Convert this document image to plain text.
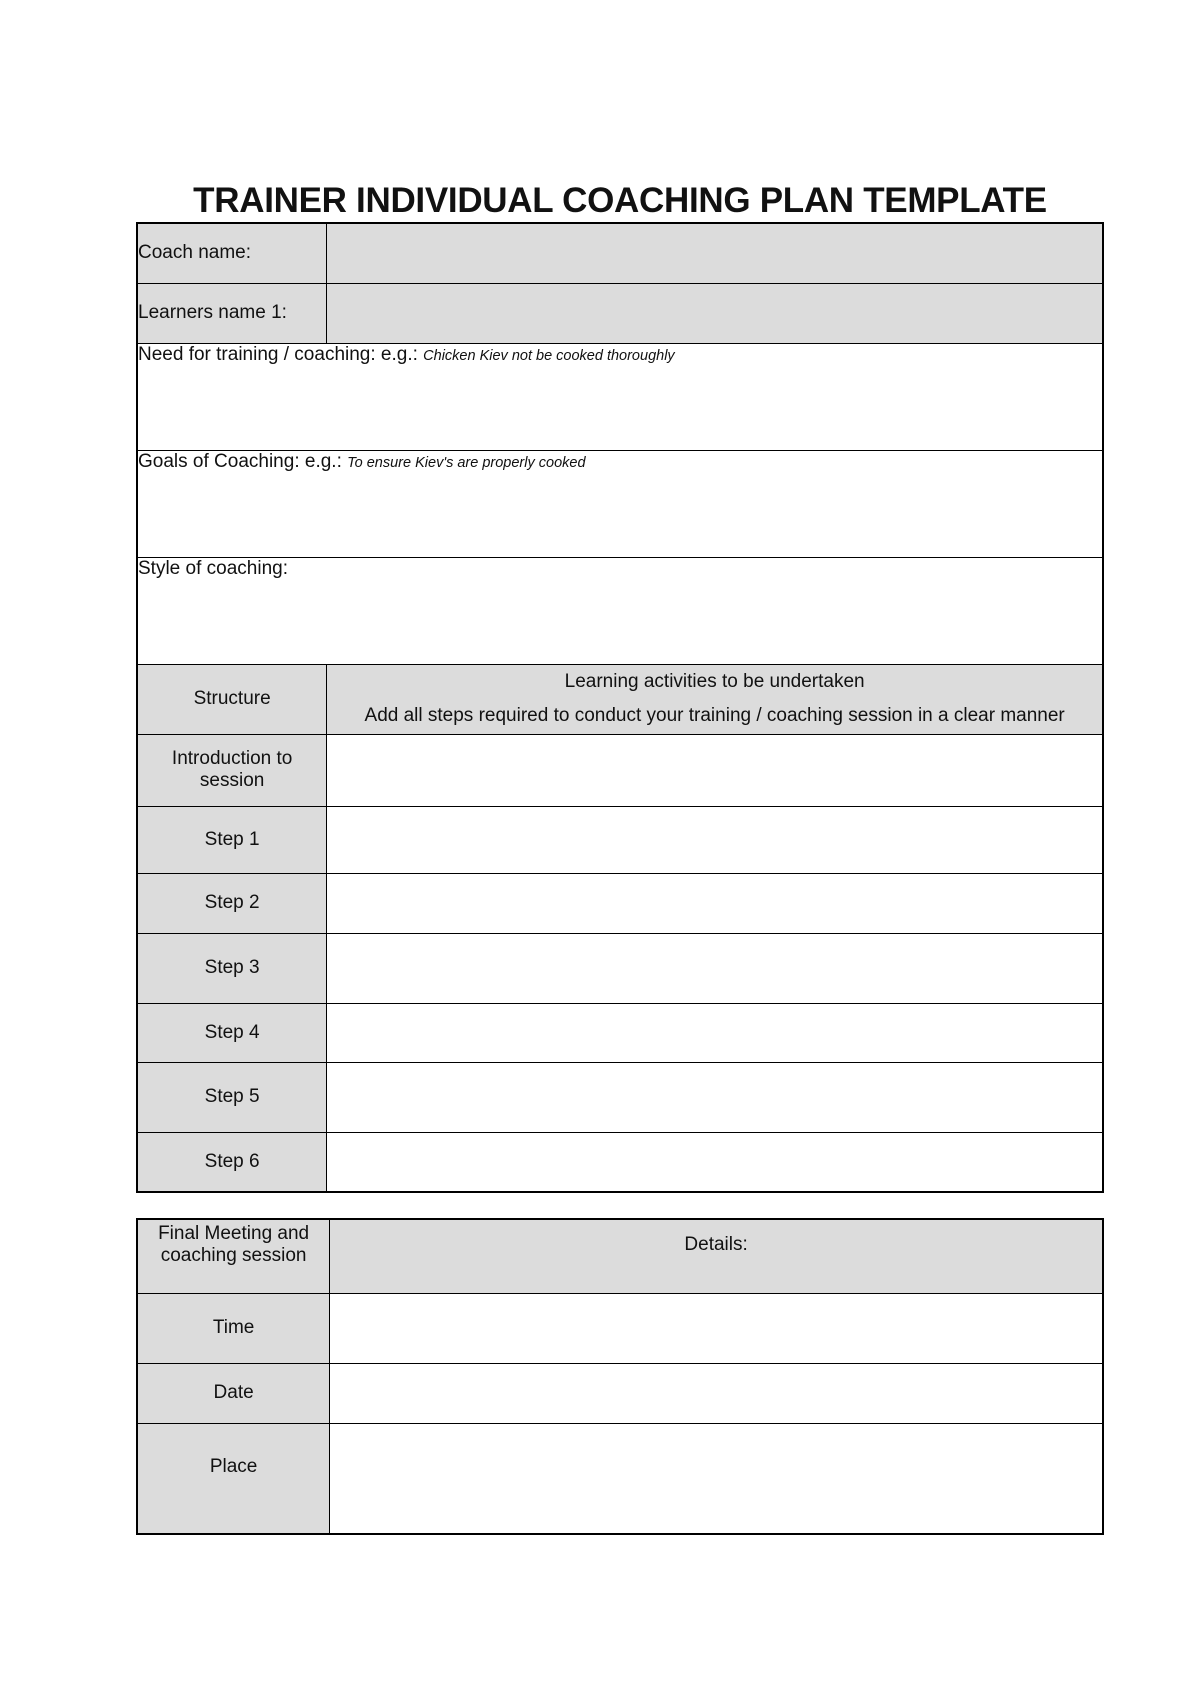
TRAINER INDIVIDUAL COACHING PLAN TEMPLATE
Coach name:	
Learners name 1:	
Need for training / coaching: e.g.: Chicken Kiev not be cooked thoroughly	
Goals of Coaching: e.g.: To ensure Kiev's are properly cooked	
Style of coaching:	
Structure	Learning activities to be undertaken
Add all steps required to conduct your training / coaching session in a clear manner

Introduction to session	
Step 1	
Step 2	
Step 3	
Step 4	
Step 5	
Step 6	
Final Meeting and coaching session	Details:
Time	
Date	
Place	
